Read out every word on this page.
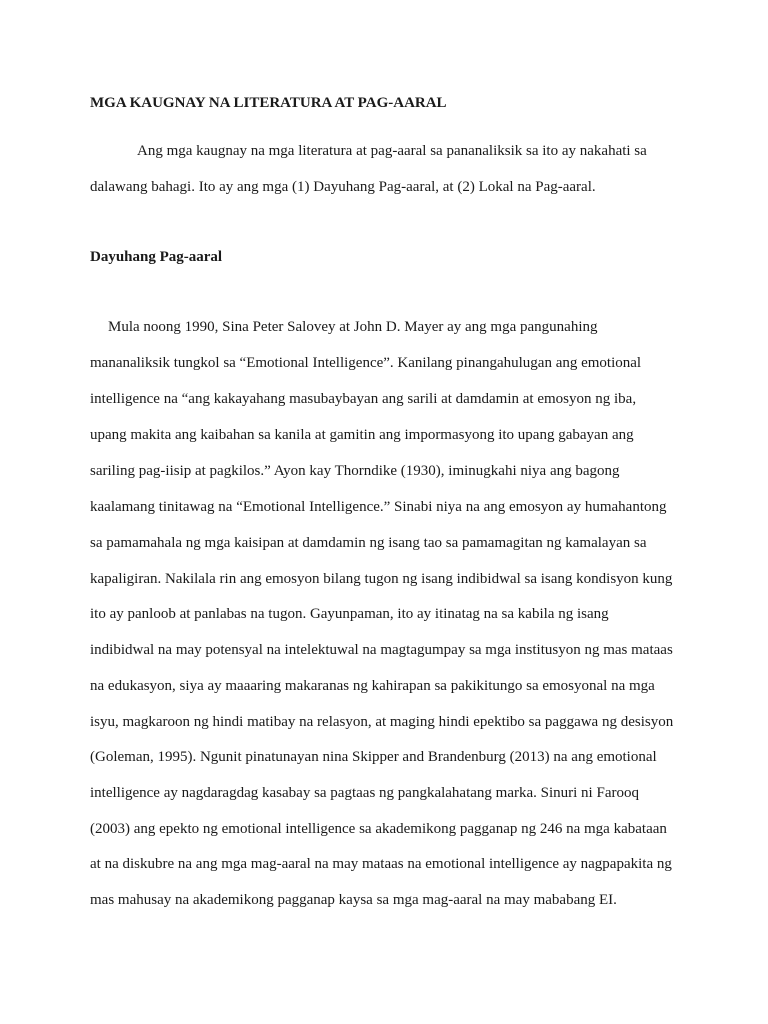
MGA KAUGNAY NA LITERATURA AT PAG-AARAL
Ang mga kaugnay na mga literatura at pag-aaral sa pananaliksik sa ito ay nakahati sa
dalawang bahagi. Ito ay ang mga (1) Dayuhang Pag-aaral, at (2) Lokal na Pag-aaral.
Dayuhang Pag-aaral
Mula noong 1990, Sina Peter Salovey at John D. Mayer ay ang mga pangunahing
mananaliksik tungkol sa “Emotional Intelligence”. Kanilang pinangahulugan ang emotional
intelligence na “ang kakayahang masubaybayan ang sarili at damdamin at emosyon ng iba,
upang makita ang kaibahan sa kanila at gamitin ang impormasyong ito upang gabayan ang
sariling pag-iisip at pagkilos.” Ayon kay Thorndike (1930), iminugkahi niya ang bagong
kaalamang tinitawag na “Emotional Intelligence.” Sinabi niya na ang emosyon ay humahantong
sa pamamahala ng mga kaisipan at damdamin ng isang tao sa pamamagitan ng kamalayan sa
kapaligiran. Nakilala rin ang emosyon bilang tugon ng isang indibidwal sa isang kondisyon kung
ito ay panloob at panlabas na tugon. Gayunpaman, ito ay itinatag na sa kabila ng isang
indibidwal na may potensyal na intelektuwal na magtagumpay sa mga institusyon ng mas mataas
na edukasyon, siya ay maaaring makaranas ng kahirapan sa pakikitungo sa emosyonal na mga
isyu, magkaroon ng hindi matibay na relasyon, at maging hindi epektibo sa paggawa ng desisyon
(Goleman, 1995). Ngunit pinatunayan nina Skipper and Brandenburg (2013) na ang emotional
intelligence ay nagdaragdag kasabay sa pagtaas ng pangkalahatang marka. Sinuri ni Farooq
(2003) ang epekto ng emotional intelligence sa akademikong pagganap ng 246 na mga kabataan
at na diskubre na ang mga mag-aaral na may mataas na emotional intelligence ay nagpapakita ng
mas mahusay na akademikong pagganap kaysa sa mga mag-aaral na may mababang EI.
